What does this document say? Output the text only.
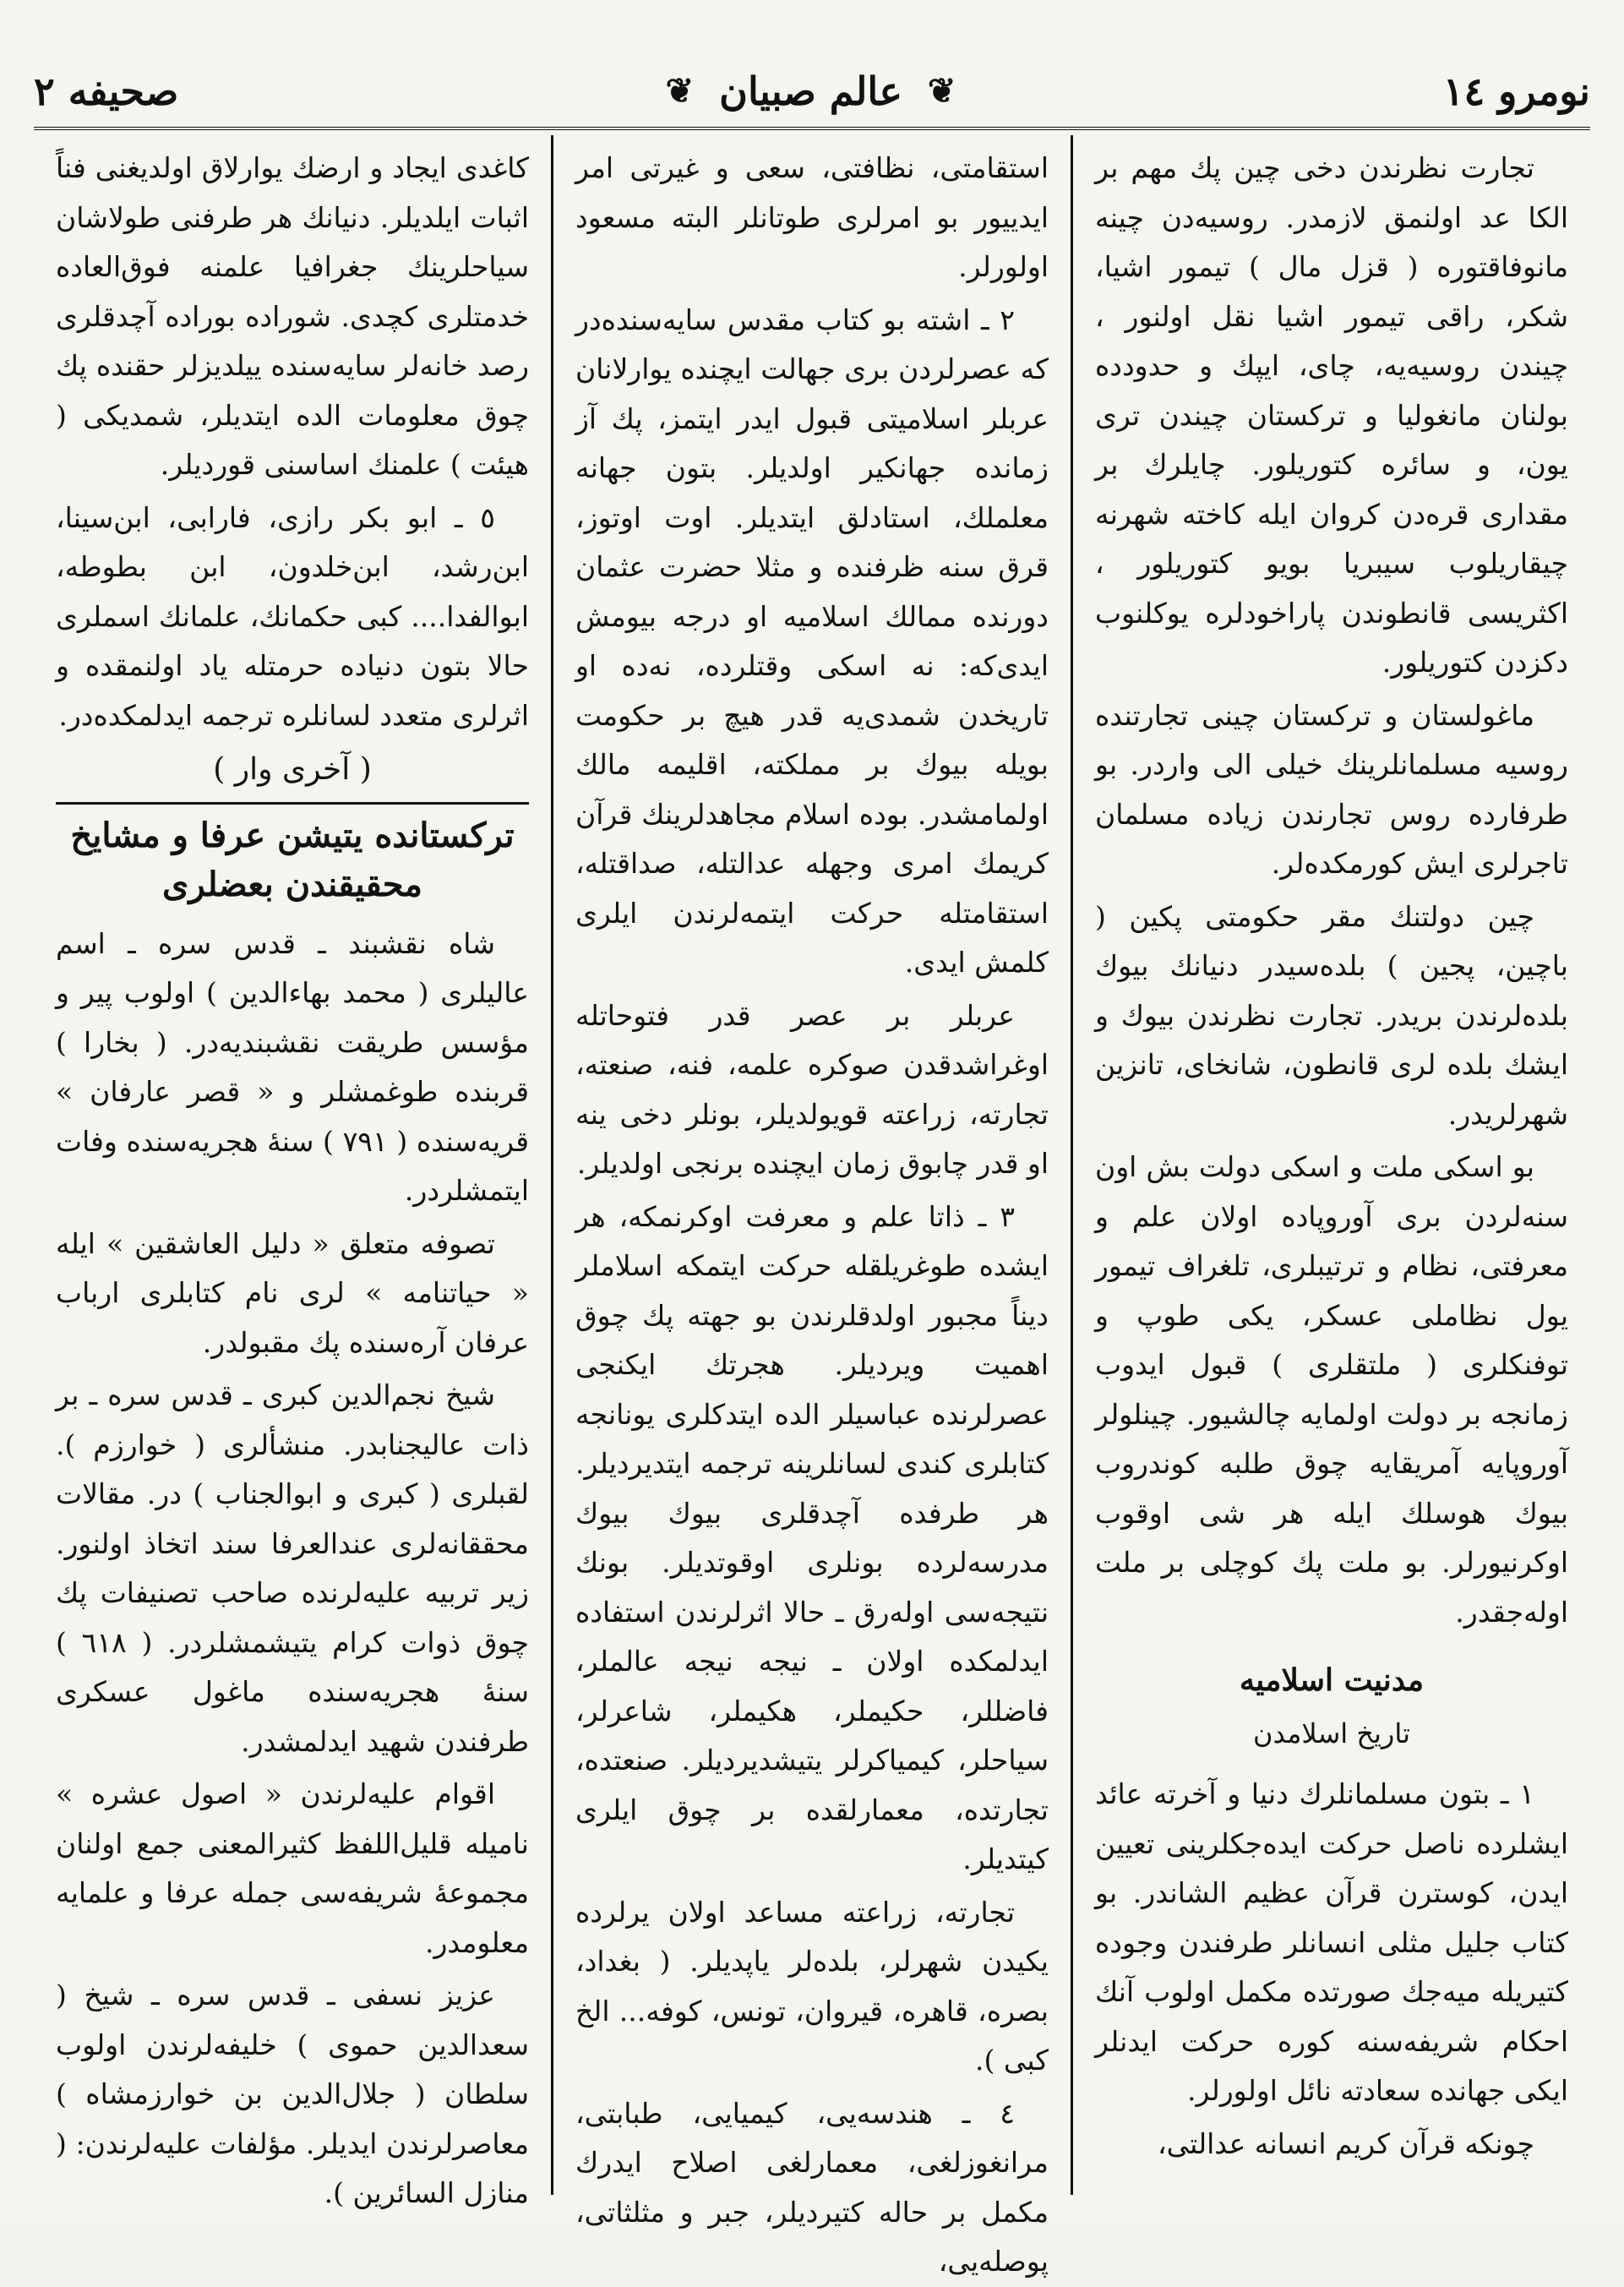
نومرو ١٤
❦
عالم صبیان
❦
صحیفه ۲

تجارت نظرندن دخی چین پك مهم بر الكا عد اولنمق لازمدر. روسیه‌دن چینه مانوفاقتوره ( قزل مال ) تیمور اشیا، شکر، راقی تیمور اشیا نقل اولنور ، چیندن روسیه‌یه، چای، ایپك و حدودده بولنان مانغولیا و ترکستان چیندن تری یون، و سائره کتوریلور. چایلرك بر مقداری قره‌دن کروان ایله کاخته شهرنه چیقاریلوب سیبریا بویو کتوریلور ، اکثریسی قانطوندن پاراخودلره یوکلنوب دکزدن کتوریلور.

ماغولستان و ترکستان چینی تجارتنده روسیه مسلمانلرینك خیلی الی واردر. بو طرفارده روس تجارندن زیاده مسلمان تاجرلری ایش کورمکده‌لر.

چین دولتنك مقر حکومتی پکین ( باچین، پجین ) بلده‌سیدر دنیانك بیوك بلده‌لرندن بریدر. تجارت نظرندن بیوك و ایشك بلده لری قانطون، شانخای، تانزین شهرلریدر.

بو اسکی ملت و اسکی دولت بش اون سنه‌لردن بری آوروپاده اولان علم و معرفتی، نظام و ترتیبلری، تلغراف تیمور یول نظاملی عسکر، یکی طوپ و توفنکلری ( ملتقلری ) قبول ایدوب زمانجه بر دولت اولمایه چالشیور. چینلولر آوروپایه آمریقایه چوق طلبه کوندروب بیوك هوسلك ایله هر شی اوقوب اوکرنیورلر. بو ملت پك کوچلی بر ملت اوله‌جقدر.

مدنیت اسلامیه
تاریخ اسلامدن

١ ـ بتون مسلمانلرك دنیا و آخرته عائد ایشلرده ناصل حرکت ایده‌جکلرینی تعیین ایدن، کوسترن قرآن عظیم الشاندر. بو کتاب جلیل مثلی انسانلر طرفندن وجوده کتیریله میه‌جك صورتده مکمل اولوب آنك احکام شریفه‌سنه کوره حرکت ایدنلر ایکی جهانده سعادته نائل اولورلر.

چونکه قرآن کریم انسانه عدالتی،

استقامتی، نظافتی، سعی و غیرتی امر ایدییور بو امرلری طوتانلر البته مسعود اولورلر.

٢ ـ اشته بو کتاب مقدس سایه‌سنده‌در که عصرلردن بری جهالت ایچنده یوارلانان عربلر اسلامیتی قبول ایدر ایتمز، پك آز زمانده جهانکیر اولدیلر. بتون جهانه معلملك، استادلق ایتدیلر. اوت اوتوز، قرق سنه ظرفنده و مثلا حضرت عثمان دورنده ممالك اسلامیه او درجه بیومش ایدی‌که: نه اسکی وقتلرده، نه‌ده او تاریخدن شمدی‌یه قدر هیچ بر حکومت بویله بیوك بر مملکته، اقلیمه مالك اولمامشدر. بوده اسلام مجاهدلرینك قرآن کریمك امری وجهله عدالتله، صداقتله، استقامتله حرکت ایتمه‌لرندن ایلری کلمش ایدی.

عربلر بر عصر قدر فتوحاتله اوغراشدقدن صوکره علمه، فنه، صنعته، تجارته، زراعته قویولدیلر، بونلر دخی ینه او قدر چابوق زمان ایچنده برنجی اولدیلر.

٣ ـ ذاتا علم و معرفت اوکرنمکه، هر ایشده طوغریلقله حرکت ایتمکه اسلاملر دیناً مجبور اولدقلرندن بو جهته پك چوق اهمیت ویردیلر. هجرتك ایکنجی عصرلرنده عباسیلر الده ایتدکلری یونانجه کتابلری کندی لسانلرینه ترجمه ایتدیردیلر. هر طرفده آچدقلری بیوك بیوك مدرسه‌لرده بونلری اوقوتدیلر. بونك نتیجه‌سی اوله‌رق ـ حالا اثرلرندن استفاده ایدلمکده اولان ـ نیجه نیجه عالملر، فاضللر، حکیملر، هکیملر، شاعرلر، سیاحلر، کیمیاکرلر یتیشدیردیلر. صنعتده، تجارتده، معمارلقده بر چوق ایلری کیتدیلر.

تجارته، زراعته مساعد اولان یرلرده یکیدن شهرلر، بلده‌لر یاپدیلر. ( بغداد، بصره، قاهره، قیروان، تونس، کوفه... الخ کبی ).

٤ ـ هندسه‌یی، کیمیایی، طبابتی، مرانغوزلغی، معمارلغی اصلاح ایدرك مکمل بر حاله کتیردیلر، جبر و مثلثاتی، پوصله‌یی،

کاغدی ایجاد و ارضك یوارلاق اولدیغنی فناً اثبات ایلدیلر. دنیانك هر طرفنی طولاشان سیاحلرینك جغرافیا علمنه فوق‌العاده خدمتلری کچدی. شوراده بوراده آچدقلری رصد خانه‌لر سایه‌سنده ییلدیزلر حقنده پك چوق معلومات الده ایتدیلر، شمدیکی ( هیئت ) علمنك اساسنی قوردیلر.

٥ ـ ابو بکر رازی، فارابی، ابن‌سینا، ابن‌رشد، ابن‌خلدون، ابن بطوطه، ابوالفدا.... کبی حکمانك، علمانك اسملری حالا بتون دنیاده حرمتله یاد اولنمقده و اثرلری متعدد لسانلره ترجمه ایدلمکده‌در.

( آخری وار )
ترکستانده یتیشن عرفا و مشایخ محقیقندن بعضلری

شاه نقشبند ـ قدس سره ـ اسم عالیلری ( محمد بهاءالدین ) اولوب پیر و مؤسس طریقت نقشبندیه‌در. ( بخارا ) قربنده طوغمشلر و « قصر عارفان » قریه‌سنده ( ٧٩١ ) سنهٔ هجریه‌سنده وفات ایتمشلردر.

تصوفه متعلق « دلیل العاشقین » ایله « حیاتنامه » لری نام کتابلری ارباب عرفان آره‌سنده پك مقبولدر.

شیخ نجم‌الدین کبری ـ قدس سره ـ بر ذات عالیجنابدر. منشألری ( خوارزم ). لقبلری ( کبری و ابوالجناب ) در. مقالات محققانه‌لری عندالعرفا سند اتخاذ اولنور. زیر تربیه علیه‌لرنده صاحب تصنیفات پك چوق ذوات کرام یتیشمشلردر. ( ٦١٨ ) سنهٔ هجریه‌سنده ماغول عسکری طرفندن شهید ایدلمشدر.

اقوام علیه‌لرندن « اصول عشره » نامیله قلیل‌اللفظ کثیرالمعنی جمع اولنان مجموعهٔ شریفه‌سی جمله عرفا و علمایه معلومدر.

عزیز نسفی ـ قدس سره ـ شیخ ( سعدالدین حموی ) خلیفه‌لرندن اولوب سلطان ( جلال‌الدین بن خوارزمشاه ) معاصرلرندن ایدیلر. مؤلفات علیه‌لرندن: ( منازل السائرین ).
